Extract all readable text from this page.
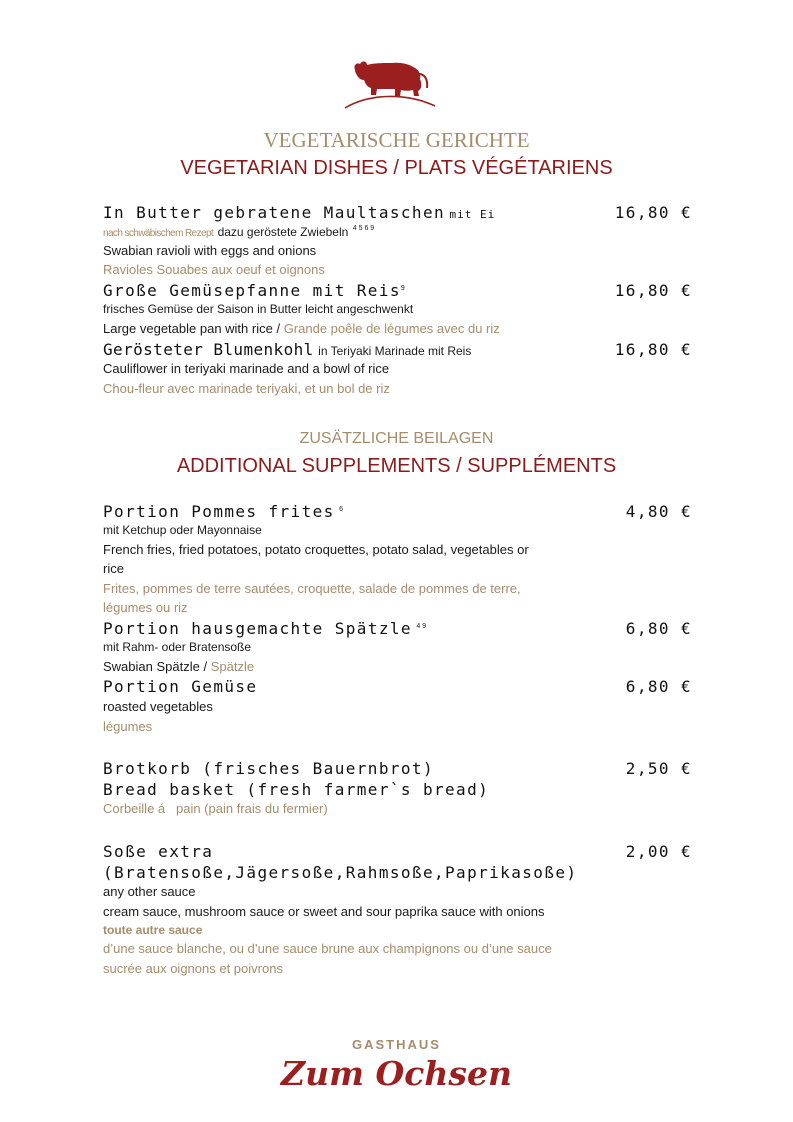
VEGETARISCHE GERICHTE
VEGETARIAN DISHES / PLATS VÉGÉTARIENS
In Butter gebratene Maultaschen mit Ei	16,80 €
nach schwäbischem Rezept dazu geröstete Zwiebeln $^{4 5 6 9}$
Swabian ravioli with eggs and onions
Ravioles Souabes aux oeuf et oignons
Große Gemüsepfanne mit Reis$^9$	16,80 €
frisches Gemüse der Saison in Butter leicht angeschwenkt
Large vegetable pan with rice / Grande poêle de légumes avec du riz
Gerösteter Blumenkohl in Teriyaki Marinade mit Reis	16,80 €
Cauliflower in teriyaki marinade and a bowl of rice
Chou-fleur avec marinade teriyaki, et un bol de riz
ZUSÄTZLICHE BEILAGEN
ADDITIONAL SUPPLEMENTS / SUPPLÉMENTS
Portion Pommes frites $^6$	4,80 €
mit Ketchup oder Mayonnaise
French fries, fried potatoes, potato croquettes, potato salad, vegetables or
rice
Frites, pommes de terre sautées, croquette, salade de pommes de terre,
légumes ou riz
Portion hausgemachte Spätzle $^{4 9}$	6,80 €
mit Rahm- oder Bratensoße
Swabian Spätzle / Spätzle
Portion Gemüse	6,80 €
roasted vegetables
légumes
Brotkorb (frisches Bauernbrot)	2,50 €
Bread basket (fresh farmer`s bread)
Corbeille á   pain (pain frais du fermier)
Soße extra	2,00 €
(Bratensoße,Jägersoße,Rahmsoße,Paprikasoße)
any other sauce
cream sauce, mushroom sauce or sweet and sour paprika sauce with onions
toute autre sauce
d’une sauce blanche, ou d’une sauce brune aux champignons ou d’une sauce
sucrée aux oignons et poivrons
GASTHAUS
Zum Ochsen
